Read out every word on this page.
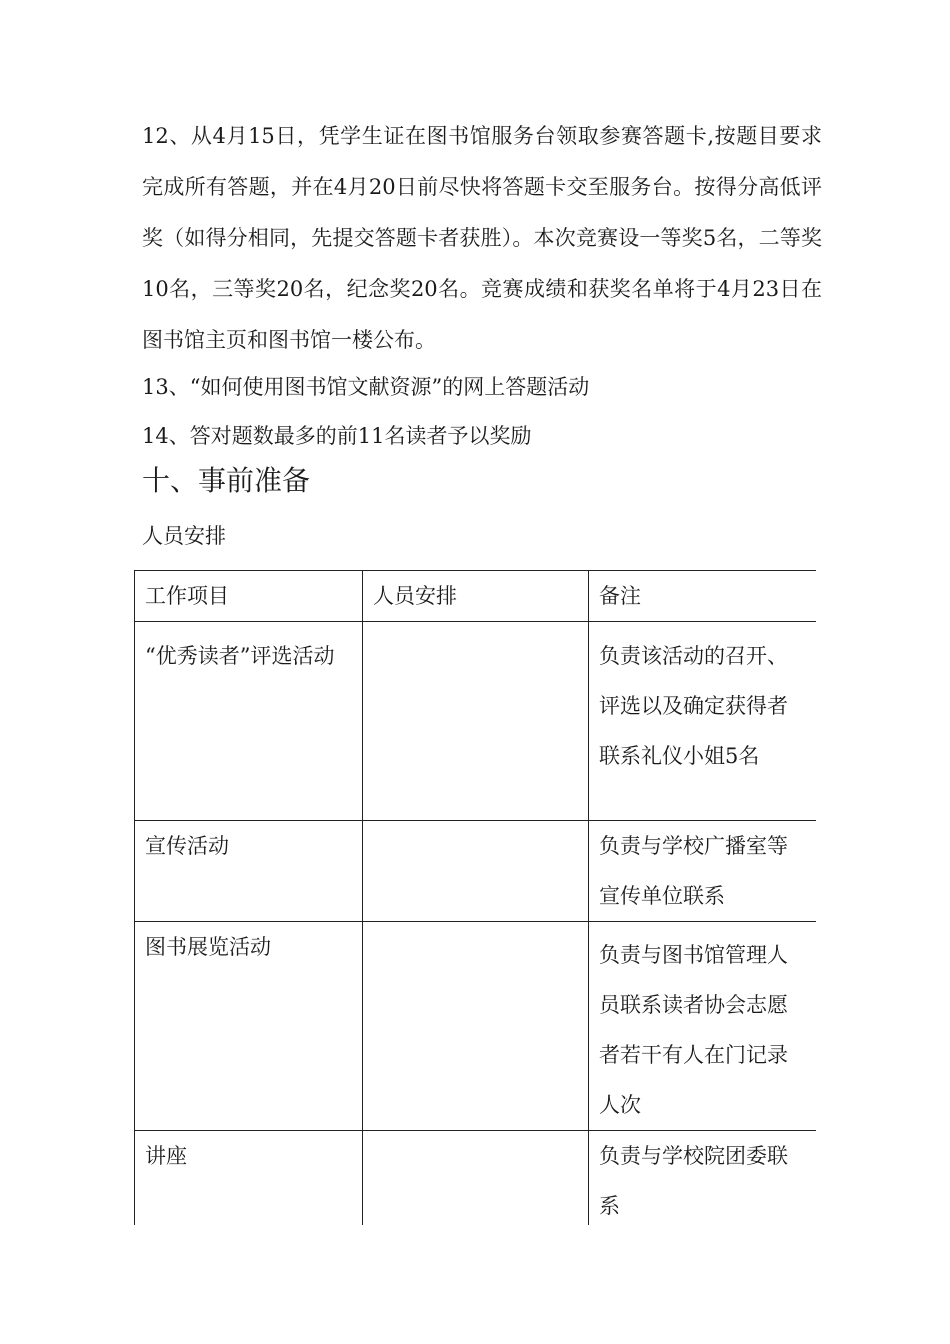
12、从4月15日，凭学生证在图书馆服务台领取参赛答题卡,按题目要求完成所有答题，并在4月20日前尽快将答题卡交至服务台。按得分高低评奖（如得分相同，先提交答题卡者获胜）。本次竞赛设一等奖5名，二等奖10名，三等奖20名，纪念奖20名。竞赛成绩和获奖名单将于4月23日在图书馆主页和图书馆一楼公布。

13、“如何使用图书馆文献资源”的网上答题活动

14、答对题数最多的前11名读者予以奖励

十、事前准备

人员安排

工作项目	人员安排	备注
“优秀读者”评选活动		负责该活动的召开、评选以及确定获得者联系礼仪小姐5名
宣传活动		负责与学校广播室等宣传单位联系
图书展览活动		负责与图书馆管理人员联系读者协会志愿者若干有人在门记录人次
讲座		负责与学校院团委联系
